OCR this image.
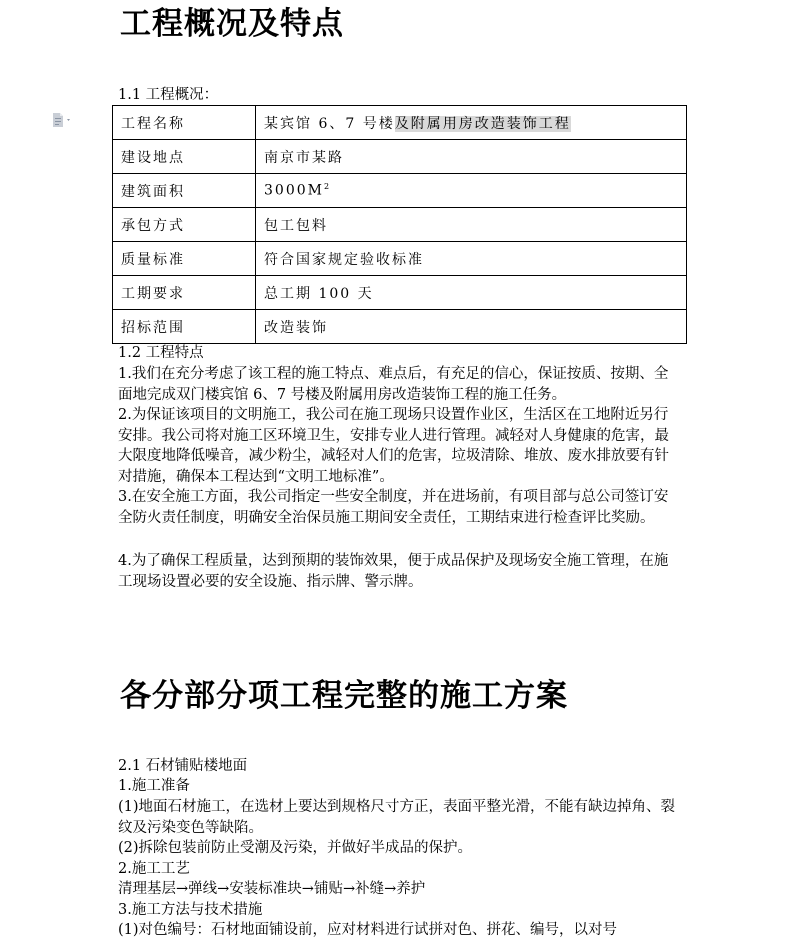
工程概况及特点

1.1 工程概况：

工程名称	某宾馆 6、7 号楼及附属用房改造装饰工程
建设地点	南京市某路
建筑面积	$3000M^2$
承包方式	包工包料
质量标准	符合国家规定验收标准
工期要求	总工期 100 天
招标范围	改造装饰

1.2 工程特点

1.我们在充分考虑了该工程的施工特点、难点后，有充足的信心，保证按质、按期、全面地完成双门楼宾馆 6、7 号楼及附属用房改造装饰工程的施工任务。

2.为保证该项目的文明施工，我公司在施工现场只设置作业区，生活区在工地附近另行安排。我公司将对施工区环境卫生，安排专业人进行管理。减轻对人身健康的危害，最大限度地降低噪音，减少粉尘，减轻对人们的危害，垃圾清除、堆放、废水排放要有针对措施，确保本工程达到“文明工地标准”。

3.在安全施工方面，我公司指定一些安全制度，并在进场前，有项目部与总公司签订安全防火责任制度，明确安全治保员施工期间安全责任，工期结束进行检查评比奖励。

4.为了确保工程质量，达到预期的装饰效果，便于成品保护及现场安全施工管理，在施工现场设置必要的安全设施、指示牌、警示牌。

各分部分项工程完整的施工方案

2.1 石材铺贴楼地面

1.施工准备

(1)地面石材施工，在选材上要达到规格尺寸方正，表面平整光滑，不能有缺边掉角、裂纹及污染变色等缺陷。

(2)拆除包装前防止受潮及污染，并做好半成品的保护。

2.施工工艺

清理基层→弹线→安装标准块→铺贴→补缝→养护

3.施工方法与技术措施

(1)对色编号：石材地面铺设前，应对材料进行试拼对色、拼花、编号，以对号
